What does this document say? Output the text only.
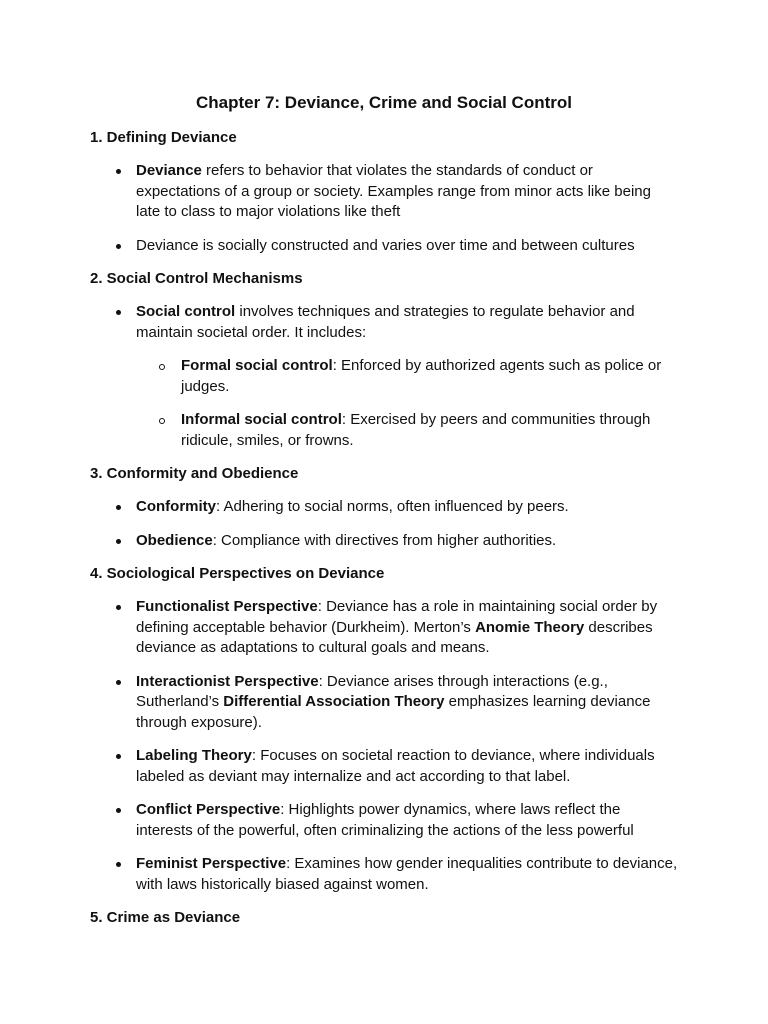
Chapter 7: Deviance, Crime and Social Control
1. Defining Deviance
Deviance refers to behavior that violates the standards of conduct or expectations of a group or society. Examples range from minor acts like being late to class to major violations like theft
Deviance is socially constructed and varies over time and between cultures
2. Social Control Mechanisms
Social control involves techniques and strategies to regulate behavior and maintain societal order. It includes:
Formal social control: Enforced by authorized agents such as police or judges.
Informal social control: Exercised by peers and communities through ridicule, smiles, or frowns.
3. Conformity and Obedience
Conformity: Adhering to social norms, often influenced by peers.
Obedience: Compliance with directives from higher authorities.
4. Sociological Perspectives on Deviance
Functionalist Perspective: Deviance has a role in maintaining social order by defining acceptable behavior (Durkheim). Merton’s Anomie Theory describes deviance as adaptations to cultural goals and means.
Interactionist Perspective: Deviance arises through interactions (e.g., Sutherland’s Differential Association Theory emphasizes learning deviance through exposure).
Labeling Theory: Focuses on societal reaction to deviance, where individuals labeled as deviant may internalize and act according to that label.
Conflict Perspective: Highlights power dynamics, where laws reflect the interests of the powerful, often criminalizing the actions of the less powerful
Feminist Perspective: Examines how gender inequalities contribute to deviance, with laws historically biased against women.
5. Crime as Deviance
